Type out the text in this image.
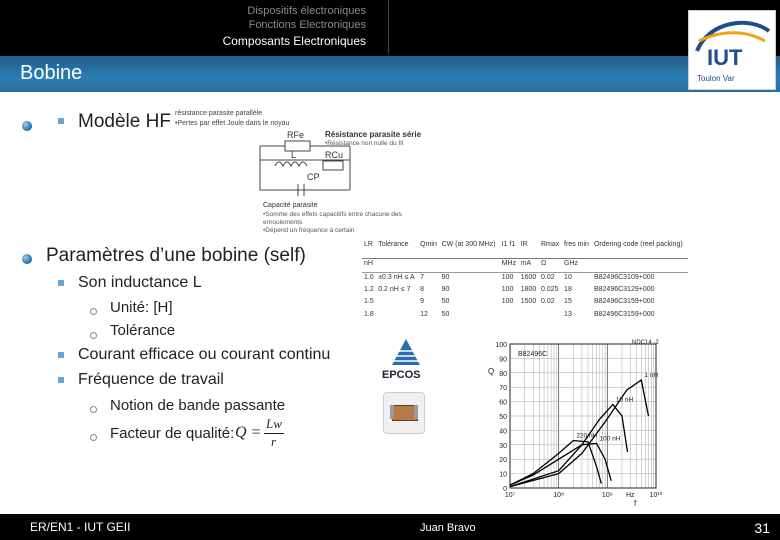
Dispositifs électroniques
Fonctions Electroniques
Composants Electroniques
Bobine
IUT
Toulon Var
Modèle HF
Paramètres d’une bobine (self)
Son inductance L
Unité: [H]
Tolérance
Courant efficace ou courant continu
Fréquence de travail
Notion de bande passante
Facteur de qualité: Q =
Lw
r
résistance parasite parallèle
•Pertes par effet Joule dans le noyau
Résistance parasite série
•Résistance non nulle du fil
Capacité parasite
•Somme des effets capacitifs entre chacune des
enroulements
•Dépend un fréquence à certain
RFe
L	RCu
CP
LR	Tolérance	Qmin	CW (at 300 MHz)	I1 f1	IR	Rmax	fres min	Ordering code (reel packing)
nH				MHz	mA	Ω	GHz	
1.0	±0.3 nH ≤ A	7	90	100	1600	0.02	10	B82496C3109+000
1.2	0.2 nH ≤ 7	8	90	100	1800	0.025	18	B82496C3129+000
1.5		9	50	100	1500	0.02	15	B82496C3159+000
1.8		12	50				13	B82496C3159+000
EPCOS
0
10
20
30
40
50
60
70
80
90
100
10⁷	10⁸	10⁹	10¹⁰
Q
f
Hz
NDC14 -2
B82496C
1 nH
10 nH
220 nH 100 nH
ER/EN1 - IUT GEII	Juan Bravo	31
